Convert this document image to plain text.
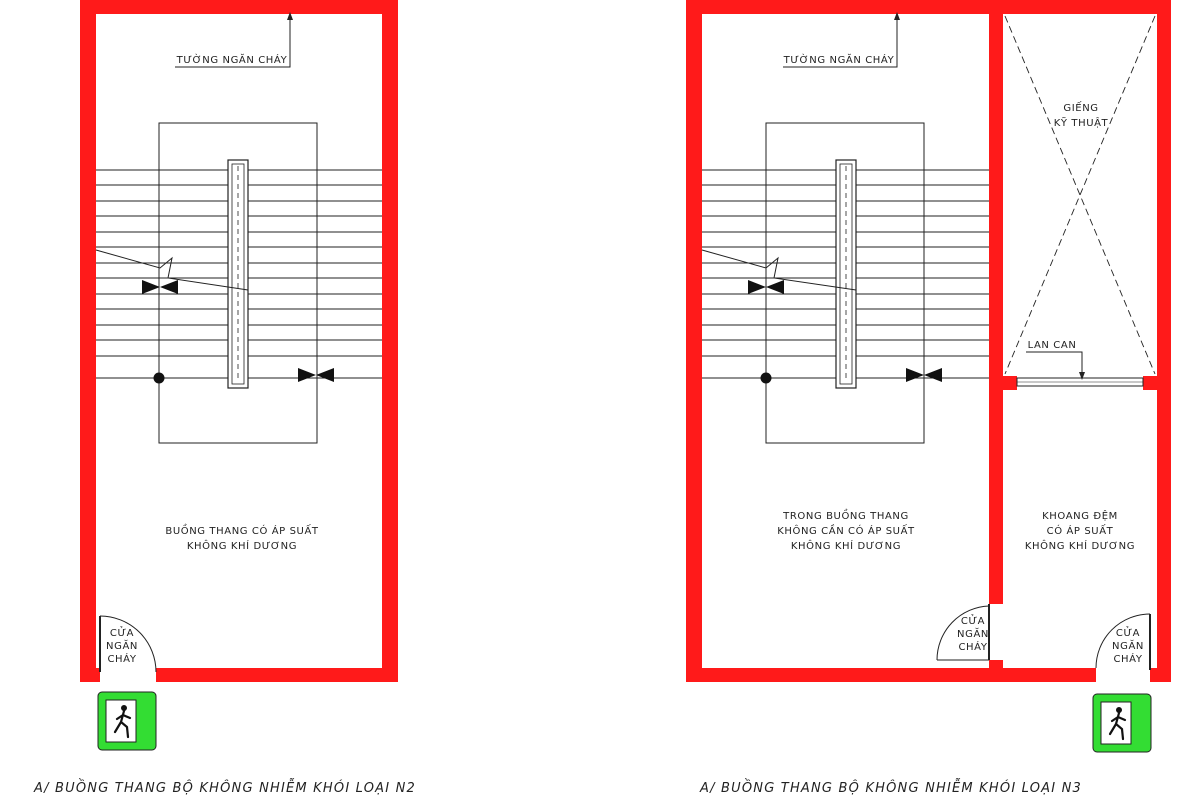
TƯỜNG NGĂN CHÁY
BUỒNG THANG CÓ ÁP SUẤT
KHÔNG KHÍ DƯƠNG
CỬA
NGĂN
CHÁY
A/ BUỒNG THANG BỘ KHÔNG NHIỄM KHÓI LOẠI N2
TƯỜNG NGĂN CHÁY
TRONG BUỒNG THANG
KHÔNG CẦN CÓ ÁP SUẤT
KHÔNG KHÍ DƯƠNG
GIẾNG
KỸ THUẬT
LAN CAN
KHOANG ĐỆM
CÓ ÁP SUẤT
KHÔNG KHÍ DƯƠNG
CỬA
NGĂN
CHÁY
CỬA
NGĂN
CHÁY
A/ BUỒNG THANG BỘ KHÔNG NHIỄM KHÓI LOẠI N3
